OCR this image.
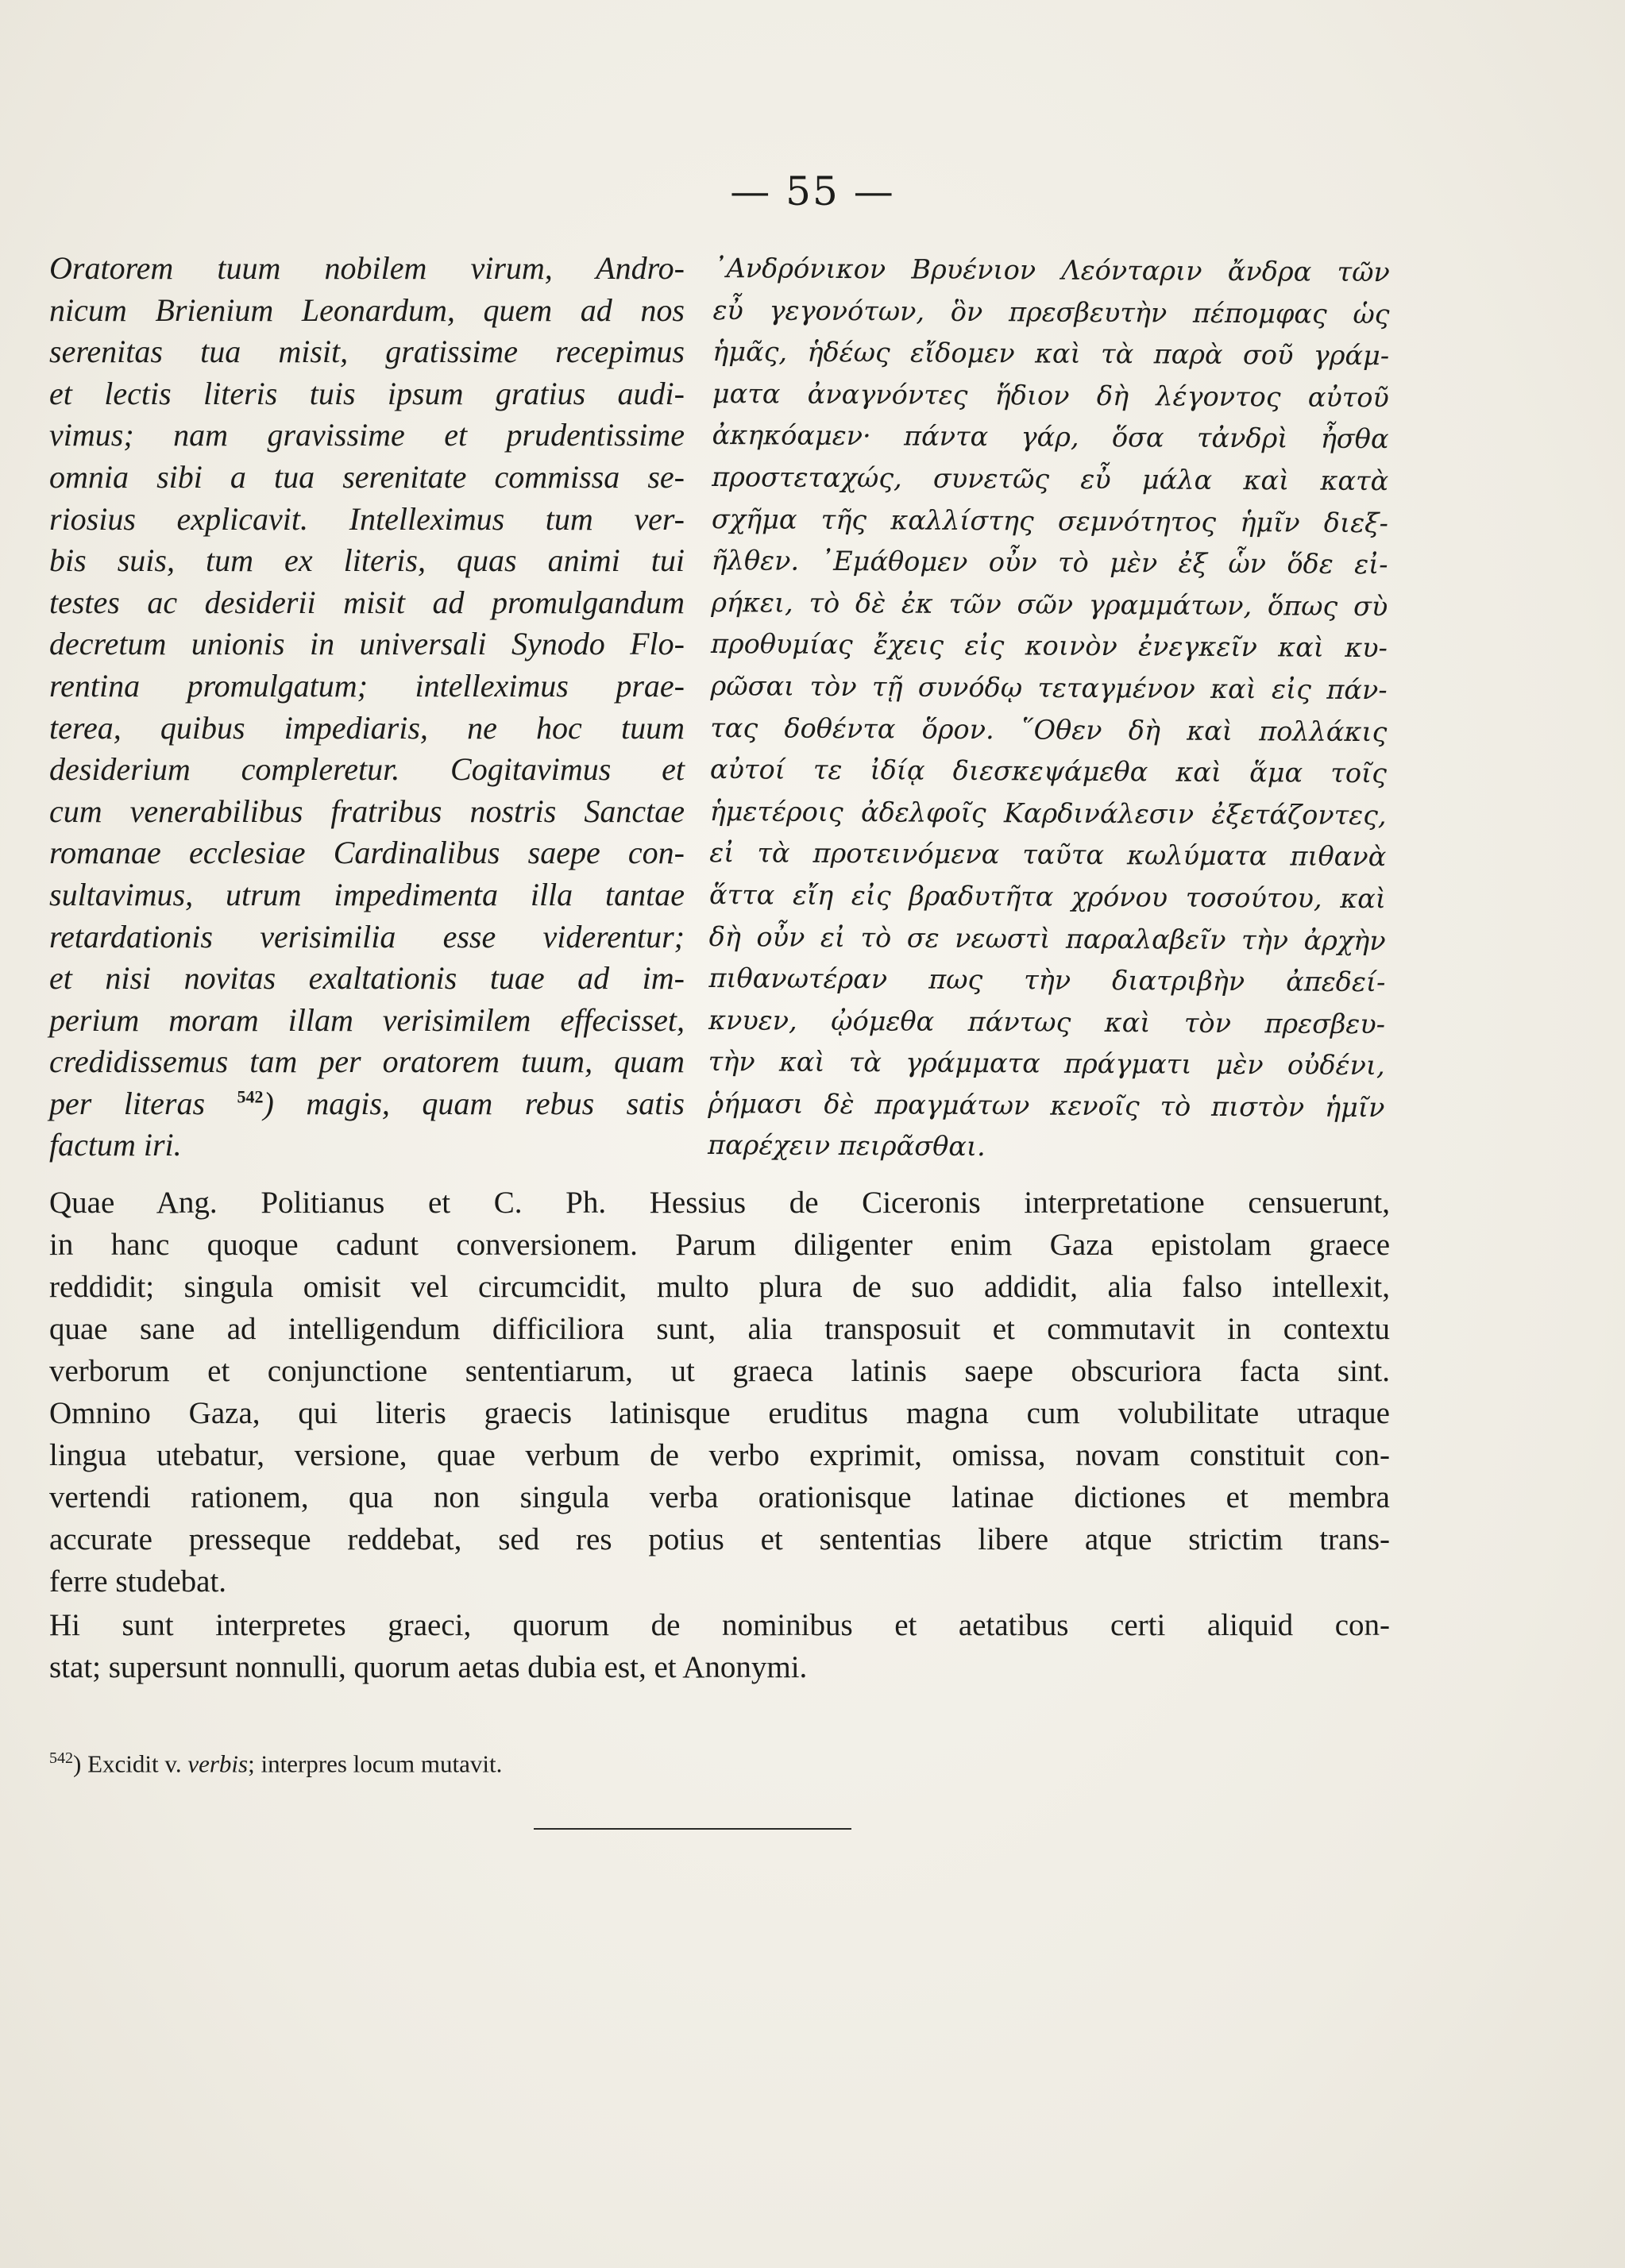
— 55 —
Oratorem tuum nobilem virum, Andro-
nicum Brienium Leonardum, quem ad nos
serenitas tua misit, gratissime recepimus
et lectis literis tuis ipsum gratius audi-
vimus; nam gravissime et prudentissime
omnia sibi a tua serenitate commissa se-
riosius explicavit. Intelleximus tum ver-
bis suis, tum ex literis, quas animi tui
testes ac desiderii misit ad promulgandum
decretum unionis in universali Synodo Flo-
rentina promulgatum; intelleximus prae-
terea, quibus impediaris, ne hoc tuum
desiderium compleretur. Cogitavimus et
cum venerabilibus fratribus nostris Sanctae
romanae ecclesiae Cardinalibus saepe con-
sultavimus, utrum impedimenta illa tantae
retardationis verisimilia esse viderentur;
et nisi novitas exaltationis tuae ad im-
perium moram illam verisimilem effecisset,
credidissemus tam per oratorem tuum, quam
per literas $^{542}$) magis, quam rebus satis
factum iri.
᾿Ανδρόνικον Βρυένιον Λεόνταριν ἄνδρα τῶν
εὖ γεγονότων, ὃν πρεσβευτὴν πέπομφας ὡς
ἡμᾶς, ἡδέως εἴδομεν καὶ τὰ παρὰ σοῦ γράμ-
ματα ἀναγνόντες ἥδιον δὴ λέγοντος αὐτοῦ
ἀκηκόαμεν· πάντα γάρ, ὅσα τἀνδρὶ ἦσθα
προστεταχώς, συνετῶς εὖ μάλα καὶ κατὰ
σχῆμα τῆς καλλίστης σεμνότητος ἡμῖν διεξ-
ῆλθεν. ᾿Εμάθομεν οὖν τὸ μὲν ἐξ ὧν ὅδε εἰ-
ρήκει, τὸ δὲ ἐκ τῶν σῶν γραμμάτων, ὅπως σὺ
προθυμίας ἔχεις εἰς κοινὸν ἐνεγκεῖν καὶ κυ-
ρῶσαι τὸν τῇ συνόδῳ τεταγμένον καὶ εἰς πάν-
τας δοθέντα ὅρον. ῞Οθεν δὴ καὶ πολλάκις
αὐτοί τε ἰδίᾳ διεσκεψάμεθα καὶ ἅμα τοῖς
ἡμετέροις ἀδελφοῖς Καρδινάλεσιν ἐξετάζοντες,
εἰ τὰ προτεινόμενα ταῦτα κωλύματα πιθανὰ
ἅττα εἴη εἰς βραδυτῆτα χρόνου τοσούτου, καὶ
δὴ οὖν εἰ τὸ σε νεωστὶ παραλαβεῖν τὴν ἀρχὴν
πιθανωτέραν πως τὴν διατριβὴν ἀπεδεί-
κνυεν, ᾠόμεθα πάντως καὶ τὸν πρεσβευ-
τὴν καὶ τὰ γράμματα πράγματι μὲν οὐδένι,
ῥήμασι δὲ πραγμάτων κενοῖς τὸ πιστὸν ἡμῖν
παρέχειν πειρᾶσθαι.
Quae Ang. Politianus et C. Ph. Hessius de Ciceronis interpretatione censuerunt,
in hanc quoque cadunt conversionem. Parum diligenter enim Gaza epistolam graece
reddidit; singula omisit vel circumcidit, multo plura de suo addidit, alia falso intellexit,
quae sane ad intelligendum difficiliora sunt, alia transposuit et commutavit in contextu
verborum et conjunctione sententiarum, ut graeca latinis saepe obscuriora facta sint.
Omnino Gaza, qui literis graecis latinisque eruditus magna cum volubilitate utraque
lingua utebatur, versione, quae verbum de verbo exprimit, omissa, novam constituit con-
vertendi rationem, qua non singula verba orationisque latinae dictiones et membra
accurate presseque reddebat, sed res potius et sententias libere atque strictim trans-
ferre studebat.
Hi sunt interpretes graeci, quorum de nominibus et aetatibus certi aliquid con-
stat; supersunt nonnulli, quorum aetas dubia est, et Anonymi.
$^{542}$) Excidit v. verbis; interpres locum mutavit.
